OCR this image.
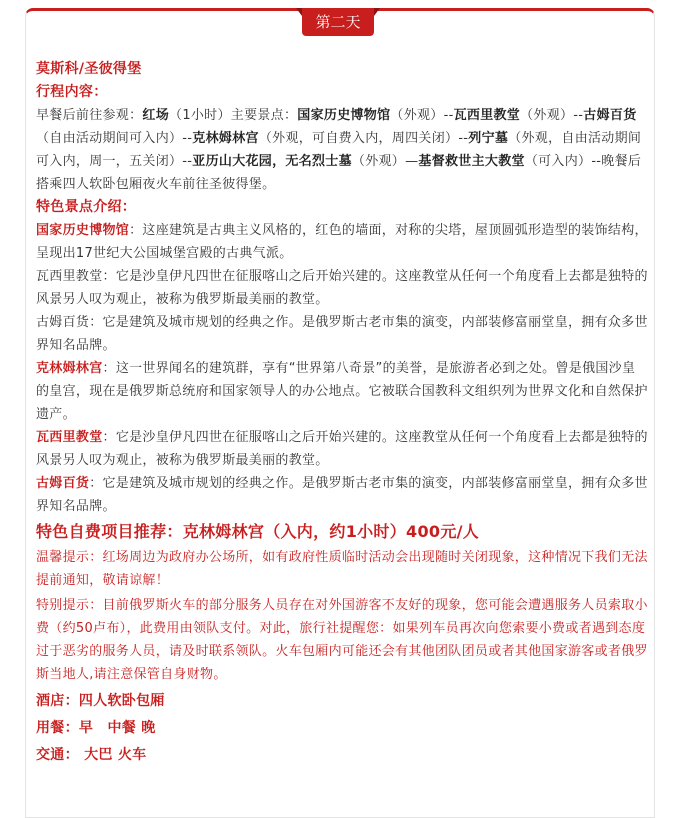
第二天

莫斯科/圣彼得堡

行程内容：

早餐后前往参观：红场（1小时）主要景点：国家历史博物馆（外观）--瓦西里教堂（外观）--古姆百货（自由活动期间可入内）--克林姆林宫（外观，可自费入内，周四关闭）--列宁墓（外观，自由活动期间可入内，周一，五关闭）--亚历山大花园，无名烈士墓（外观）—基督救世主大教堂（可入内）--晚餐后搭乘四人软卧包厢夜火车前往圣彼得堡。

特色景点介绍：

国家历史博物馆：这座建筑是古典主义风格的，红色的墙面，对称的尖塔，屋顶圆弧形造型的装饰结构，呈现出17世纪大公国城堡宫殿的古典气派。

瓦西里教堂：它是沙皇伊凡四世在征服喀山之后开始兴建的。这座教堂从任何一个角度看上去都是独特的风景另人叹为观止，被称为俄罗斯最美丽的教堂。

古姆百货：它是建筑及城市规划的经典之作。是俄罗斯古老市集的演变，内部装修富丽堂皇，拥有众多世界知名品牌。

克林姆林宫：这一世界闻名的建筑群，享有“世界第八奇景”的美誉，是旅游者必到之处。曾是俄国沙皇的皇宫，现在是俄罗斯总统府和国家领导人的办公地点。它被联合国教科文组织列为世界文化和自然保护遗产。

瓦西里教堂：它是沙皇伊凡四世在征服喀山之后开始兴建的。这座教堂从任何一个角度看上去都是独特的风景另人叹为观止，被称为俄罗斯最美丽的教堂。

古姆百货：它是建筑及城市规划的经典之作。是俄罗斯古老市集的演变，内部装修富丽堂皇，拥有众多世界知名品牌。

特色自费项目推荐：克林姆林宫（入内，约1小时）400元/人

温馨提示：红场周边为政府办公场所，如有政府性质临时活动会出现随时关闭现象，这种情况下我们无法提前通知，敬请谅解！

特别提示：目前俄罗斯火车的部分服务人员存在对外国游客不友好的现象，您可能会遭遇服务人员索取小费（约50卢布），此费用由领队支付。对此，旅行社提醒您：如果列车员再次向您索要小费或者遇到态度过于恶劣的服务人员，请及时联系领队。火车包厢内可能还会有其他团队团员或者其他国家游客或者俄罗斯当地人,请注意保管自身财物。

酒店：四人软卧包厢

用餐：早　中餐 晚

交通： 大巴 火车
